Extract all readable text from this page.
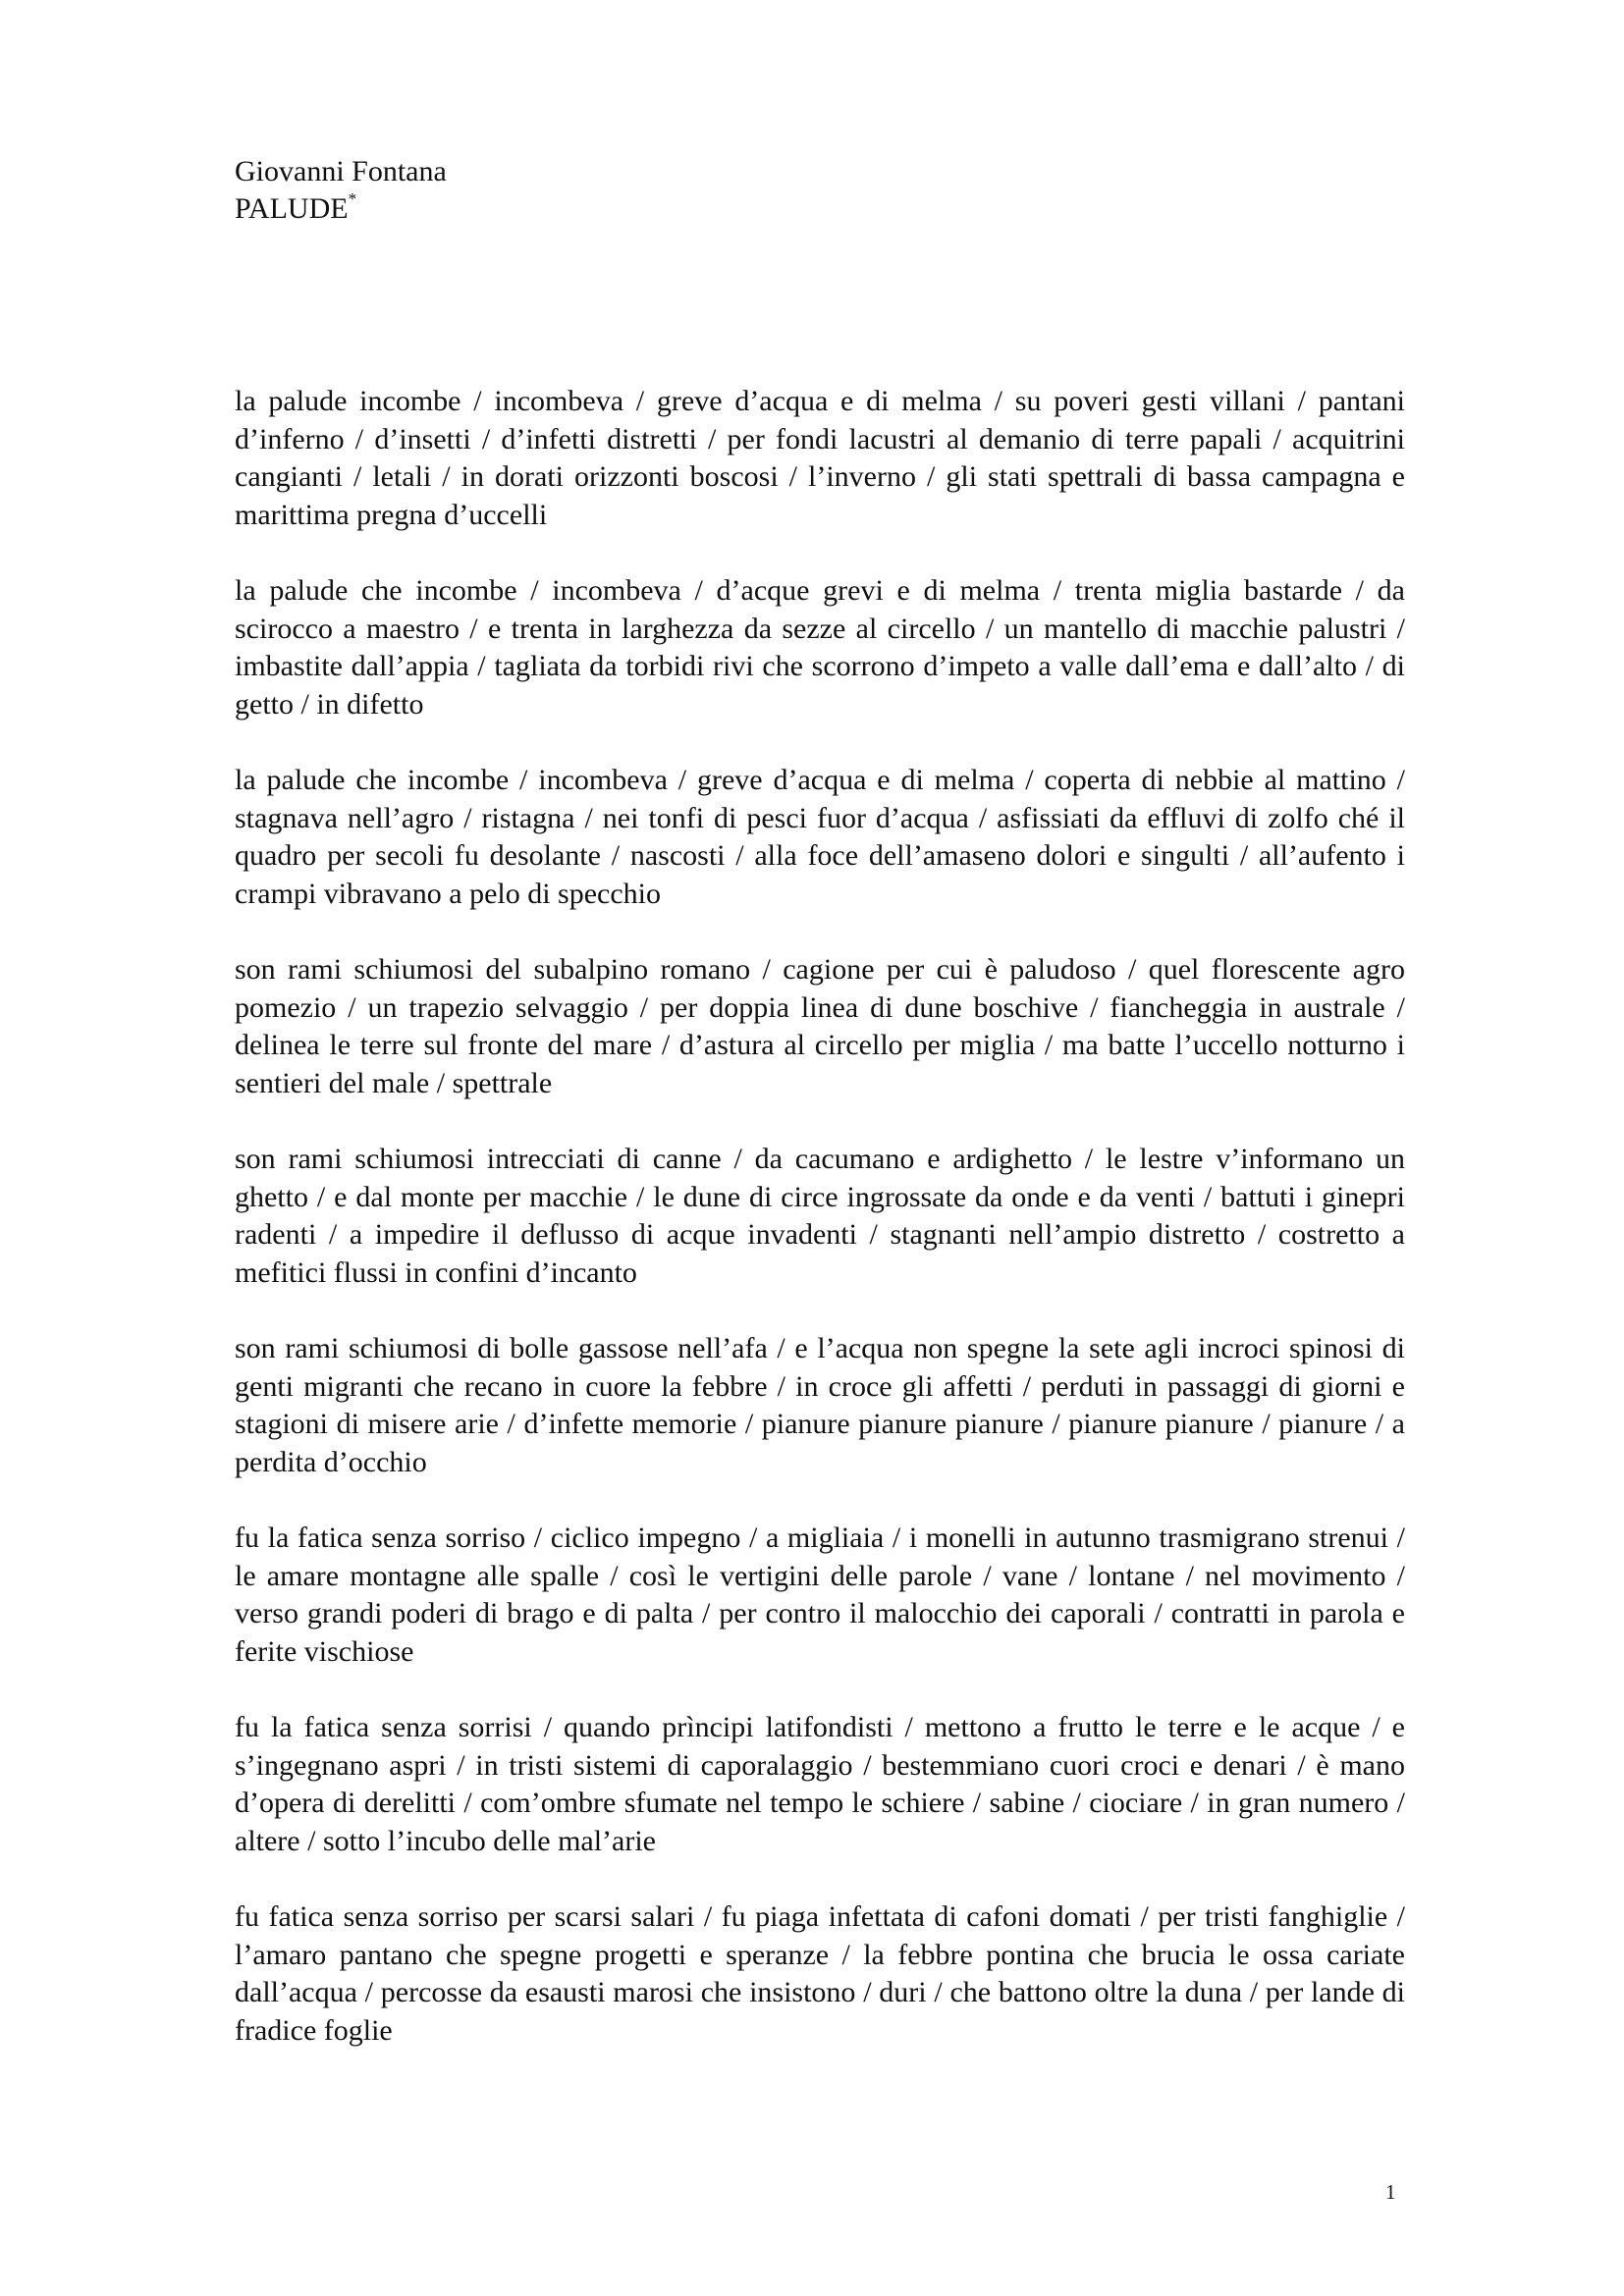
Giovanni Fontana
PALUDE*

la palude incombe / incombeva / greve d’acqua e di melma / su poveri gesti villani / pantani d’inferno / d’insetti / d’infetti distretti / per fondi lacustri al demanio di terre papali / acquitrini cangianti / letali / in dorati orizzonti boscosi / l’inverno / gli stati spettrali di bassa campagna e marittima pregna d’uccelli

la palude che incombe / incombeva / d’acque grevi e di melma / trenta miglia bastarde / da scirocco a maestro / e trenta in larghezza da sezze al circello / un mantello di macchie palustri / imbastite dall’appia / tagliata da torbidi rivi che scorrono d’impeto a valle dall’ema e dall’alto / di getto / in difetto

la palude che incombe / incombeva / greve d’acqua e di melma / coperta di nebbie al mattino / stagnava nell’agro / ristagna / nei tonfi di pesci fuor d’acqua / asfissiati da effluvi di zolfo ché il quadro per secoli fu desolante / nascosti / alla foce dell’amaseno dolori e singulti / all’aufento i crampi vibravano a pelo di specchio

son rami schiumosi del subalpino romano / cagione per cui è paludoso / quel florescente agro pomezio / un trapezio selvaggio / per doppia linea di dune boschive / fiancheggia in australe / delinea le terre sul fronte del mare / d’astura al circello per miglia / ma batte l’uccello notturno i sentieri del male / spettrale

son rami schiumosi intrecciati di canne / da cacumano e ardighetto / le lestre v’informano un ghetto / e dal monte per macchie / le dune di circe ingrossate da onde e da venti / battuti i ginepri radenti / a impedire il deflusso di acque invadenti / stagnanti nell’ampio distretto / costretto a mefitici flussi in confini d’incanto

son rami schiumosi di bolle gassose nell’afa / e l’acqua non spegne la sete agli incroci spinosi di genti migranti che recano in cuore la febbre / in croce gli affetti / perduti in passaggi di giorni e stagioni di misere arie / d’infette memorie / pianure pianure pianure / pianure pianure / pianure / a perdita d’occhio

fu la fatica senza sorriso / ciclico impegno / a migliaia / i monelli in autunno trasmigrano strenui / le amare montagne alle spalle / così le vertigini delle parole / vane / lontane / nel movimento / verso grandi poderi di brago e di palta / per contro il malocchio dei caporali / contratti in parola e ferite vischiose

fu la fatica senza sorrisi / quando prìncipi latifondisti / mettono a frutto le terre e le acque / e s’ingegnano aspri / in tristi sistemi di caporalaggio / bestemmiano cuori croci e denari / è mano d’opera di derelitti / com’ombre sfumate nel tempo le schiere / sabine / ciociare / in gran numero / altere / sotto l’incubo delle mal’arie

fu fatica senza sorriso per scarsi salari / fu piaga infettata di cafoni domati / per tristi fanghiglie / l’amaro pantano che spegne progetti e speranze / la febbre pontina che brucia le ossa cariate dall’acqua / percosse da esausti marosi che insistono / duri / che battono oltre la duna / per lande di fradice foglie

1
